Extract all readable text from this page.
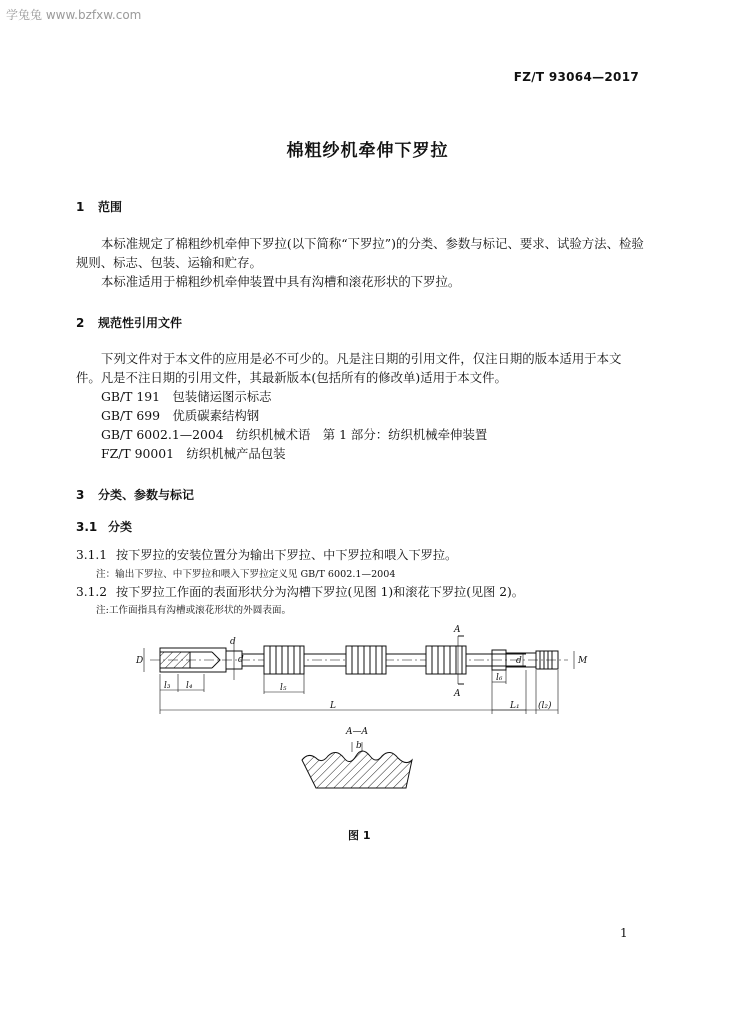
学兔兔 www.bzfxw.com
FZ/T 93064—2017
棉粗纱机牵伸下罗拉
1 范围
本标准规定了棉粗纱机牵伸下罗拉(以下简称“下罗拉”)的分类、参数与标记、要求、试验方法、检验
规则、标志、包装、运输和贮存。
本标准适用于棉粗纱机牵伸装置中具有沟槽和滚花形状的下罗拉。
2 规范性引用文件
下列文件对于本文件的应用是必不可少的。凡是注日期的引用文件，仅注日期的版本适用于本文
件。凡是不注日期的引用文件，其最新版本(包括所有的修改单)适用于本文件。
GB/T 191　包装储运图示标志
GB/T 699　优质碳素结构钢
GB/T 6002.1—2004　纺织机械术语　第 1 部分：纺织机械牵伸装置
FZ/T 90001　纺织机械产品包装
3 分类、参数与标记
3.1 分类
3.1.1 按下罗拉的安装位置分为输出下罗拉、中下罗拉和喂入下罗拉。
注：输出下罗拉、中下罗拉和喂入下罗拉定义见 GB/T 6002.1—2004
3.1.2 按下罗拉工作面的表面形状分为沟槽下罗拉(见图 1)和滚花下罗拉(见图 2)。
注:工作面指具有沟槽或滚花形状的外圆表面。
D
d
d	d	M
l₃ l₄	l₅
l₆
L	L₁ (l₂)
A
A
A—A
b
图 1
1
